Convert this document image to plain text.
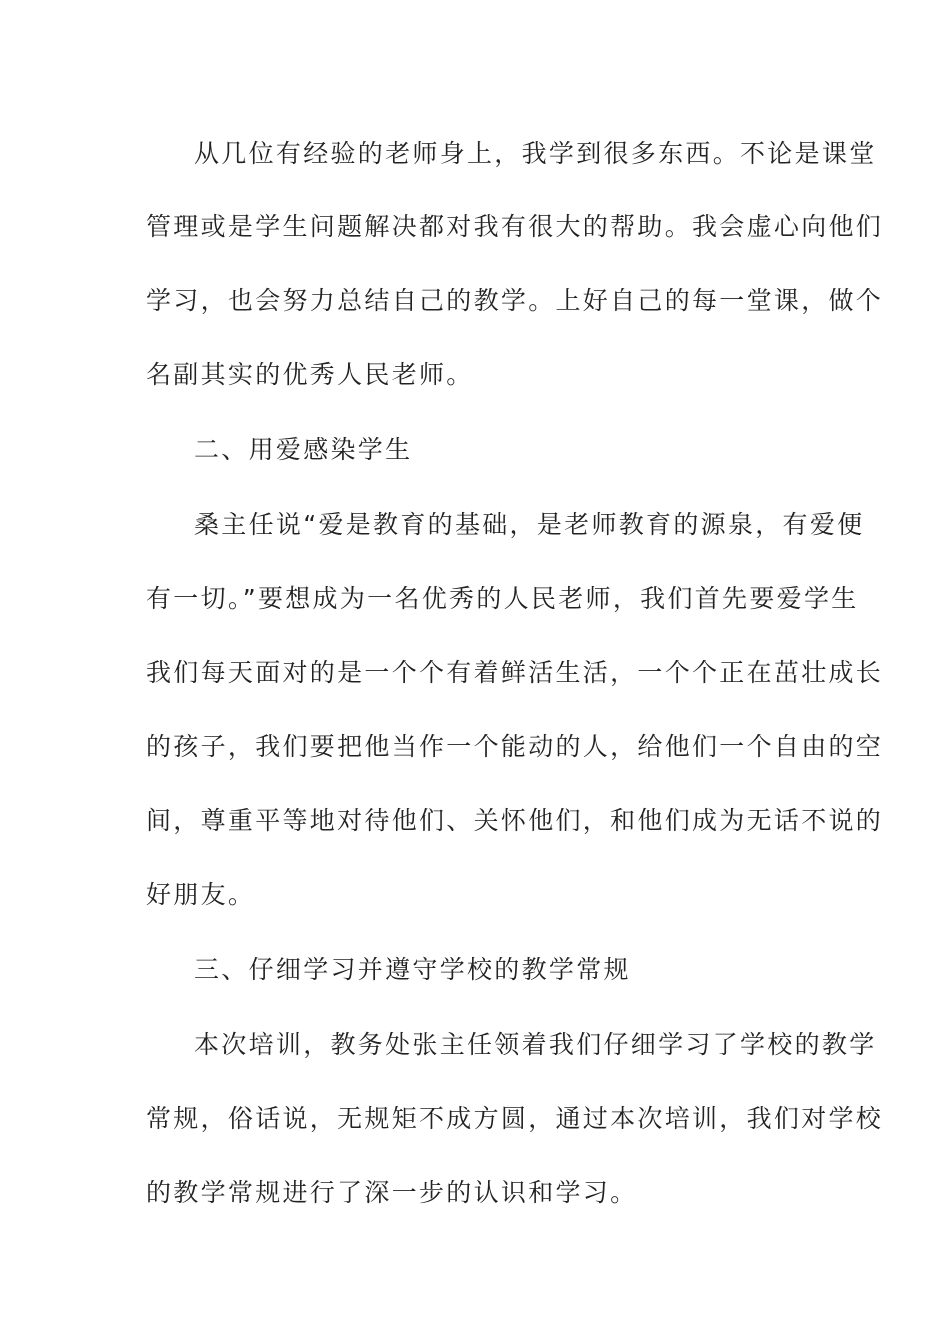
从几位有经验的老师身上，我学到很多东西。不论是课堂
管理或是学生问题解决都对我有很大的帮助。我会虚心向他们
学习，也会努力总结自己的教学。上好自己的每一堂课，做个
名副其实的优秀人民老师。
二、用爱感染学生
桑主任说“爱是教育的基础，是老师教育的源泉，有爱便
有一切。”要想成为一名优秀的人民老师，我们首先要爱学生
我们每天面对的是一个个有着鲜活生活，一个个正在茁壮成长
的孩子，我们要把他当作一个能动的人，给他们一个自由的空
间，尊重平等地对待他们、关怀他们，和他们成为无话不说的
好朋友。
三、仔细学习并遵守学校的教学常规
本次培训，教务处张主任领着我们仔细学习了学校的教学
常规，俗话说，无规矩不成方圆，通过本次培训，我们对学校
的教学常规进行了深一步的认识和学习。
